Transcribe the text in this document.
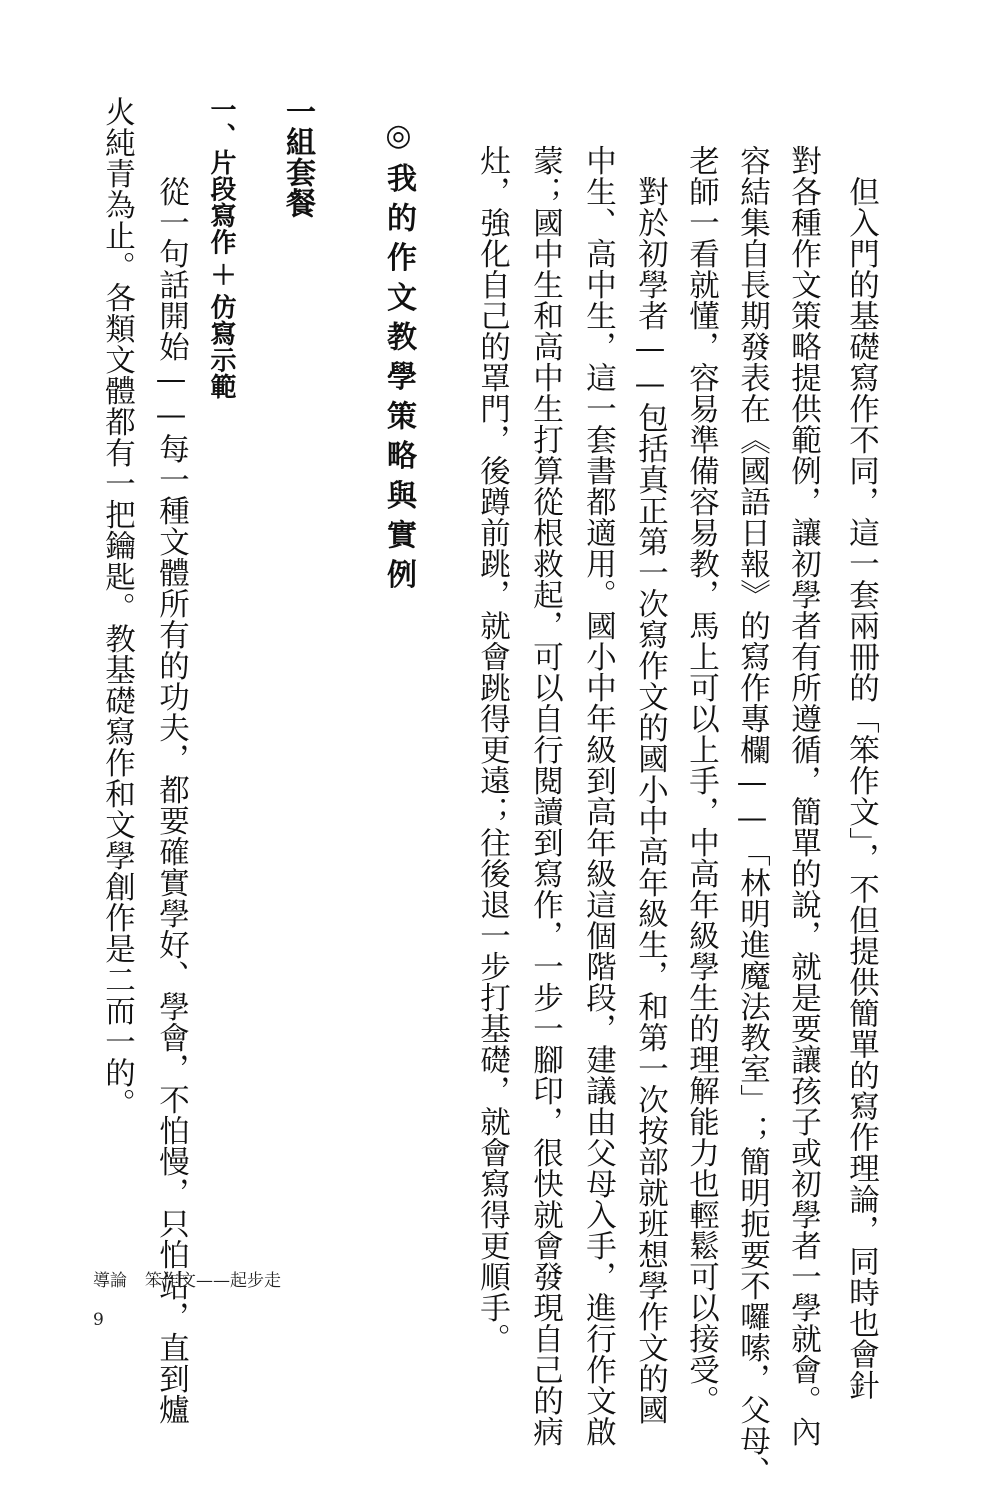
　但入門的基礎寫作不同，這一套兩冊的「笨作文」，不但提供簡單的寫作理論，同時也會針
對各種作文策略提供範例，讓初學者有所遵循，簡單的說，就是要讓孩子或初學者一學就會。內
容結集自長期發表在《國語日報》的寫作專欄——「林明進魔法教室」；簡明扼要不囉嗦，父母、
老師一看就懂，容易準備容易教，馬上可以上手，中高年級學生的理解能力也輕鬆可以接受。
　對於初學者——包括真正第一次寫作文的國小中高年級生，和第一次按部就班想學作文的國
中生、高中生，這一套書都適用。國小中年級到高年級這個階段，建議由父母入手，進行作文啟
蒙；國中生和高中生打算從根救起，可以自行閱讀到寫作，一步一腳印，很快就會發現自己的病
灶，強化自己的罩門，後蹲前跳，就會跳得更遠；往後退一步打基礎，就會寫得更順手。
◎我的作文教學策略與實例
一組套餐
一、片段寫作＋仿寫示範
　從一句話開始——每一種文體所有的功夫，都要確實學好、學會，不怕慢，只怕站，直到爐
火純青為止。各類文體都有一把鑰匙。教基礎寫作和文學創作是二而一的。
導論 笨作文——起步走
9
